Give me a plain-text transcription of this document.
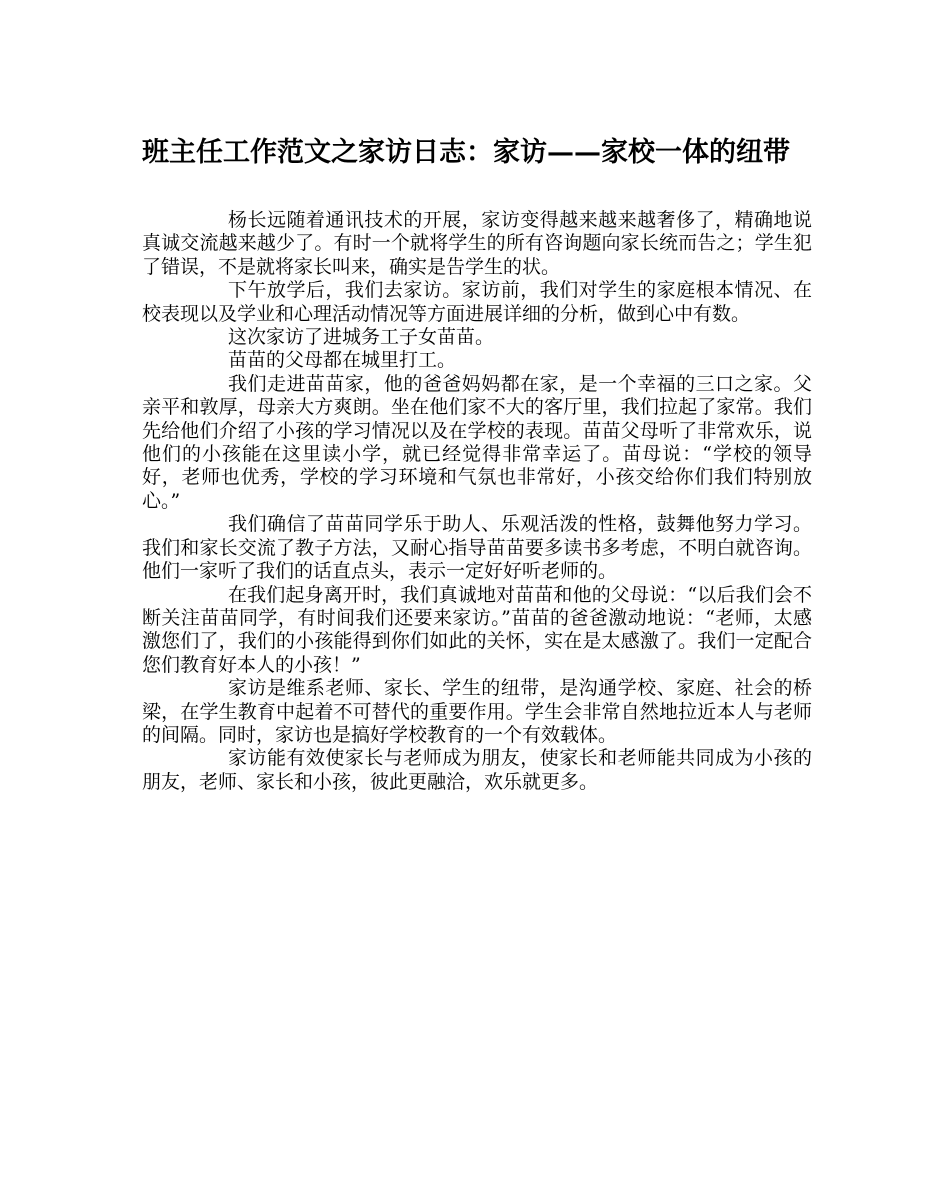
班主任工作范文之家访日志：家访——家校一体的纽带

杨长远随着通讯技术的开展，家访变得越来越来越奢侈了，精确地说真诚交流越来越少了。有时一个就将学生的所有咨询题向家长统而告之；学生犯了错误，不是就将家长叫来，确实是告学生的状。

下午放学后，我们去家访。家访前，我们对学生的家庭根本情况、在校表现以及学业和心理活动情况等方面进展详细的分析，做到心中有数。

这次家访了进城务工子女苗苗。

苗苗的父母都在城里打工。

我们走进苗苗家，他的爸爸妈妈都在家，是一个幸福的三口之家。父亲平和敦厚，母亲大方爽朗。坐在他们家不大的客厅里，我们拉起了家常。我们先给他们介绍了小孩的学习情况以及在学校的表现。苗苗父母听了非常欢乐，说他们的小孩能在这里读小学，就已经觉得非常幸运了。苗母说：“学校的领导好，老师也优秀，学校的学习环境和气氛也非常好，小孩交给你们我们特别放心。”

我们确信了苗苗同学乐于助人、乐观活泼的性格，鼓舞他努力学习。我们和家长交流了教子方法，又耐心指导苗苗要多读书多考虑，不明白就咨询。他们一家听了我们的话直点头，表示一定好好听老师的。

在我们起身离开时，我们真诚地对苗苗和他的父母说：“以后我们会不断关注苗苗同学，有时间我们还要来家访。”苗苗的爸爸激动地说：“老师，太感激您们了，我们的小孩能得到你们如此的关怀，实在是太感激了。我们一定配合您们教育好本人的小孩！”

家访是维系老师、家长、学生的纽带，是沟通学校、家庭、社会的桥梁，在学生教育中起着不可替代的重要作用。学生会非常自然地拉近本人与老师的间隔。同时，家访也是搞好学校教育的一个有效载体。

家访能有效使家长与老师成为朋友，使家长和老师能共同成为小孩的朋友，老师、家长和小孩，彼此更融洽，欢乐就更多。
